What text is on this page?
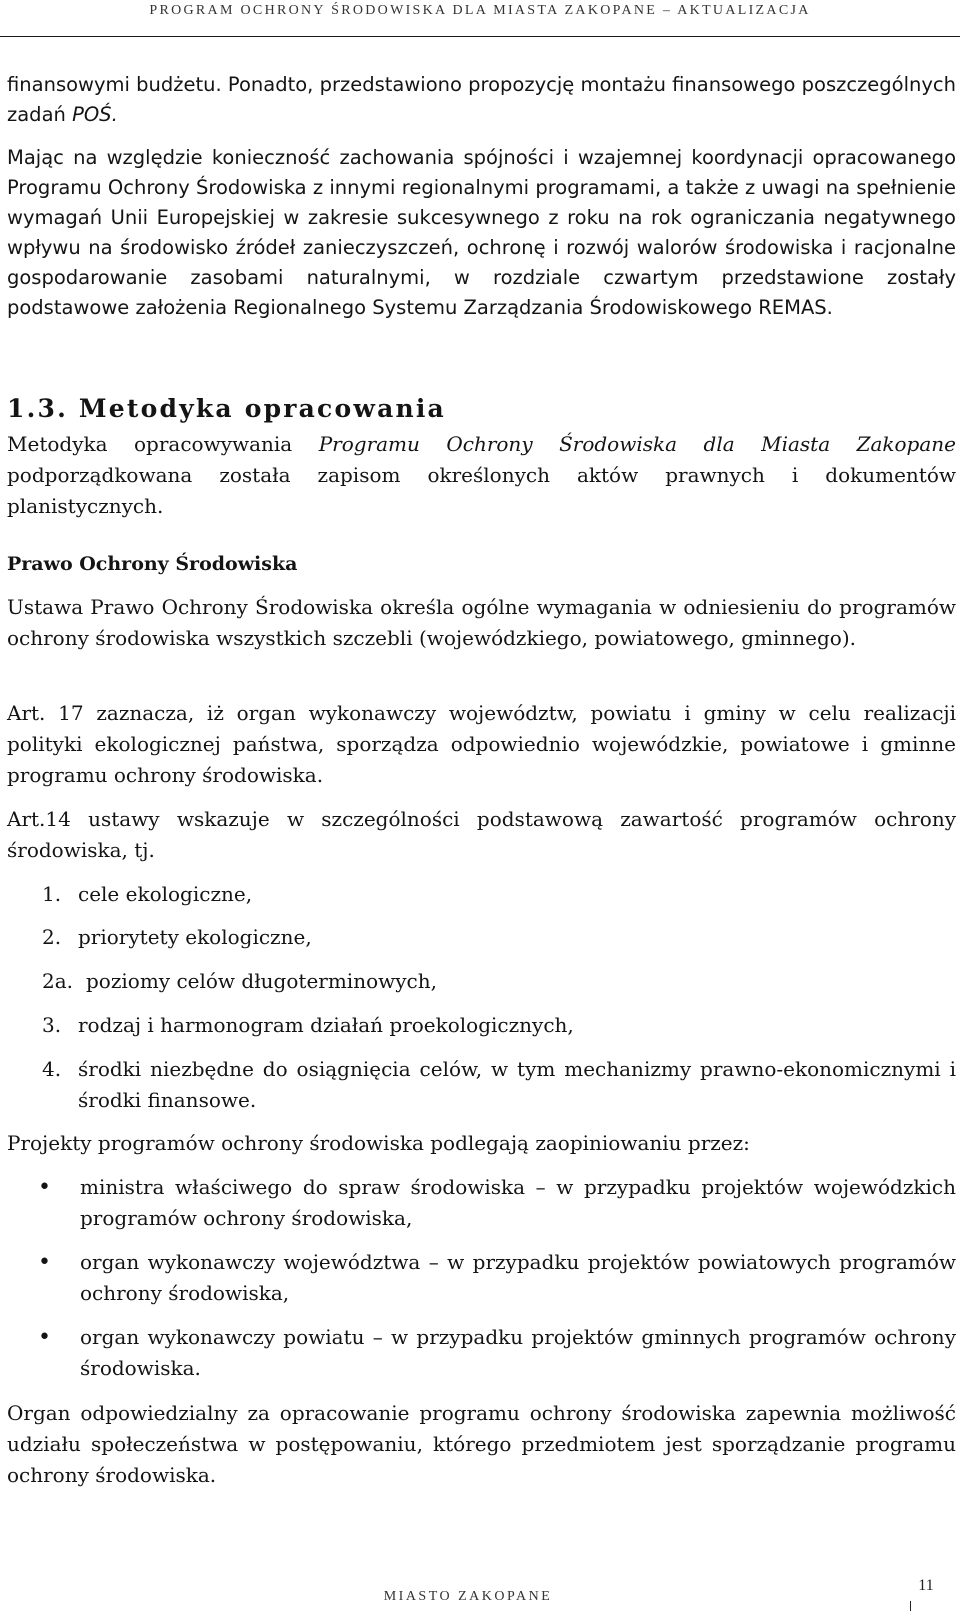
PROGRAM OCHRONY ŚRODOWISKA DLA MIASTA ZAKOPANE – AKTUALIZACJA

finansowymi budżetu. Ponadto, przedstawiono propozycję montażu finansowego poszczególnych zadań POŚ.

Mając na względzie konieczność zachowania spójności i wzajemnej koordynacji opracowanego Programu Ochrony Środowiska z innymi regionalnymi programami, a także z uwagi na spełnienie wymagań Unii Europejskiej w zakresie sukcesywnego z roku na rok ograniczania negatywnego wpływu na środowisko źródeł zanieczyszczeń, ochronę i rozwój walorów środowiska i racjonalne gospodarowanie zasobami naturalnymi, w rozdziale czwartym przedstawione zostały podstawowe założenia Regionalnego Systemu Zarządzania Środowiskowego REMAS.

1.3. Metodyka opracowania

Metodyka opracowywania Programu Ochrony Środowiska dla Miasta Zakopane podporządkowana została zapisom określonych aktów prawnych i dokumentów planistycznych.

Prawo Ochrony Środowiska

Ustawa Prawo Ochrony Środowiska określa ogólne wymagania w odniesieniu do programów ochrony środowiska wszystkich szczebli (wojewódzkiego, powiatowego, gminnego).

Art. 17 zaznacza, iż organ wykonawczy województw, powiatu i gminy w celu realizacji polityki ekologicznej państwa, sporządza odpowiednio wojewódzkie, powiatowe i gminne programu ochrony środowiska.

Art.14 ustawy wskazuje w szczególności podstawową zawartość programów ochrony środowiska, tj.

1. cele ekologiczne,
2. priorytety ekologiczne,
2a. poziomy celów długoterminowych,
3. rodzaj i harmonogram działań proekologicznych,
4. środki niezbędne do osiągnięcia celów, w tym mechanizmy prawno-ekonomicznymi i środki finansowe.

Projekty programów ochrony środowiska podlegają zaopiniowaniu przez:

• ministra właściwego do spraw środowiska – w przypadku projektów wojewódzkich programów ochrony środowiska,
• organ wykonawczy województwa – w przypadku projektów powiatowych programów ochrony środowiska,
• organ wykonawczy powiatu – w przypadku projektów gminnych programów ochrony środowiska.

Organ odpowiedzialny za opracowanie programu ochrony środowiska zapewnia możliwość udziału społeczeństwa w postępowaniu, którego przedmiotem jest sporządzanie programu ochrony środowiska.

MIASTO ZAKOPANE
11
